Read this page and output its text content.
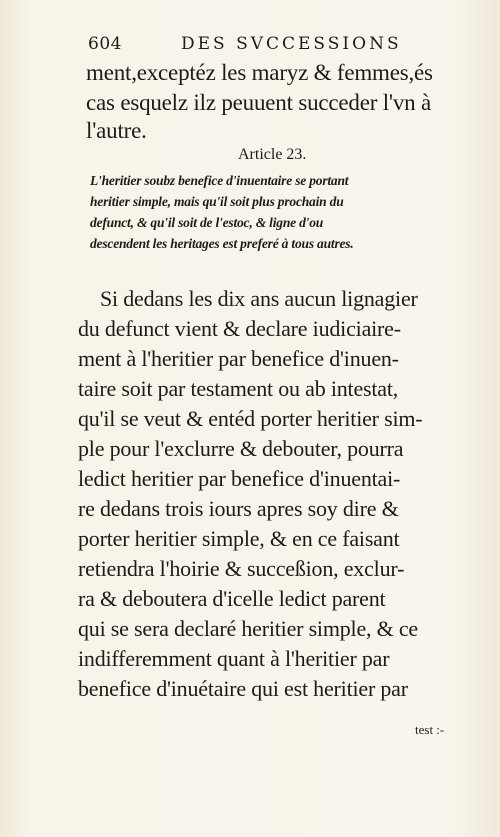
604	DES SVCCESSIONS
ment,exceptéz les maryz & femmes,és
cas esquelz ilz peuuent succeder l'vn à
l'autre.
Article 23.
L'heritier soubz benefice d'inuentaire se portant
heritier simple, mais qu'il soit plus prochain du
defunct, & qu'il soit de l'estoc, & ligne d'ou
descendent les heritages est preferé à tous autres.
Si dedans les dix ans aucun lignagier
du defunct vient & declare iudiciaire-
ment à l'heritier par benefice d'inuen-
taire soit par testament ou ab intestat,
qu'il se veut & entéd porter heritier sim-
ple pour l'exclurre & debouter, pourra
ledict heritier par benefice d'inuentai-
re dedans trois iours apres soy dire &
porter heritier simple, & en ce faisant
retiendra l'hoirie & succeßion, exclur-
ra & deboutera d'icelle ledict parent
qui se sera declaré heritier simple, & ce
indifferemment quant à l'heritier par
benefice d'inuétaire qui est heritier par
test :-
